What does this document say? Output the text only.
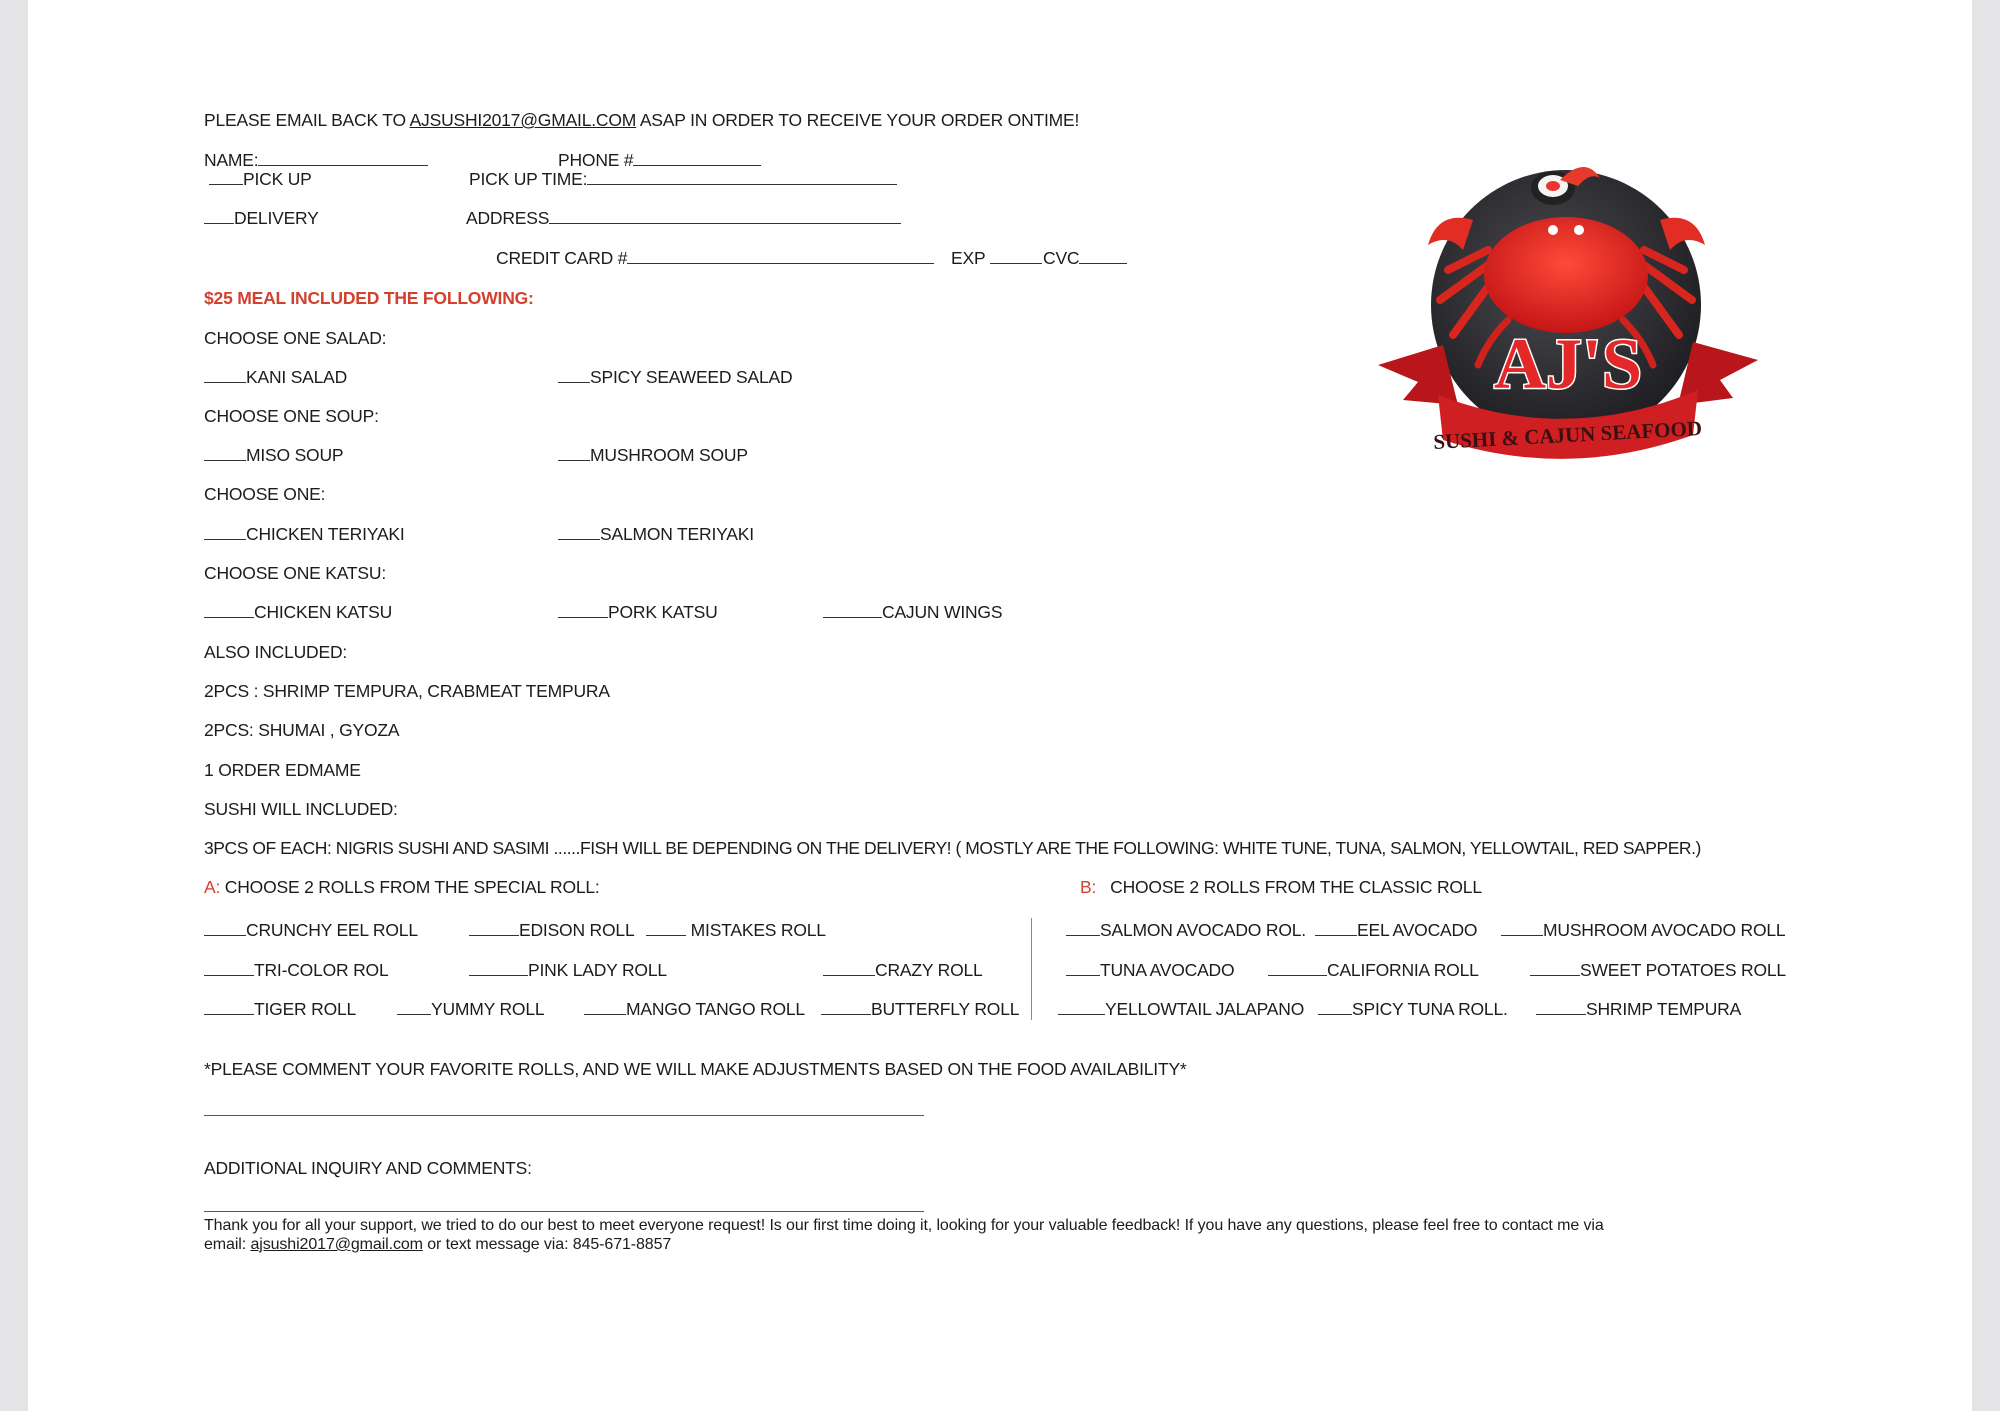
PLEASE EMAIL BACK TO AJSUSHI2017@GMAIL.COM ASAP IN ORDER TO RECEIVE YOUR ORDER ONTIME!
NAME:	PHONE #
PICK UP	PICK UP TIME:
DELIVERY	ADDRESS
CREDIT CARD #	EXP	CVC
$25 MEAL INCLUDED THE FOLLOWING:
CHOOSE ONE SALAD:
KANI SALAD	SPICY SEAWEED SALAD
CHOOSE ONE SOUP:
MISO SOUP	MUSHROOM SOUP
CHOOSE ONE:
CHICKEN TERIYAKI	SALMON TERIYAKI
CHOOSE ONE KATSU:
CHICKEN KATSU	PORK KATSU	CAJUN WINGS
ALSO INCLUDED:
2PCS : SHRIMP TEMPURA, CRABMEAT TEMPURA
2PCS: SHUMAI , GYOZA
1 ORDER EDMAME
SUSHI WILL INCLUDED:
3PCS OF EACH: NIGRIS SUSHI AND SASIMI ......FISH WILL BE DEPENDING ON THE DELIVERY! ( MOSTLY ARE THE FOLLOWING: WHITE TUNE, TUNA, SALMON, YELLOWTAIL, RED SAPPER.)
A: CHOOSE 2 ROLLS FROM THE SPECIAL ROLL:	B:   CHOOSE 2 ROLLS FROM THE CLASSIC ROLL
CRUNCHY EEL ROLL	EDISON ROLL	MISTAKES ROLL
TRI-COLOR ROL	PINK LADY ROLL	CRAZY ROLL
TIGER ROLL	YUMMY ROLL	MANGO TANGO ROLL	BUTTERFLY ROLL
SALMON AVOCADO ROL.	EEL AVOCADO	MUSHROOM AVOCADO ROLL
TUNA AVOCADO	CALIFORNIA ROLL	SWEET POTATOES ROLL
YELLOWTAIL JALAPANO	SPICY TUNA ROLL.	SHRIMP TEMPURA
*PLEASE COMMENT YOUR FAVORITE ROLLS, AND WE WILL MAKE ADJUSTMENTS BASED ON THE FOOD AVAILABILITY*
ADDITIONAL INQUIRY AND COMMENTS:
Thank you for all your support, we tried to do our best to meet everyone request! Is our first time doing it, looking for your valuable feedback! If you have any questions, please feel free to contact me via
email: ajsushi2017@gmail.com or text message via: 845-671-8857
AJ'S
SUSHI & CAJUN SEAFOOD
